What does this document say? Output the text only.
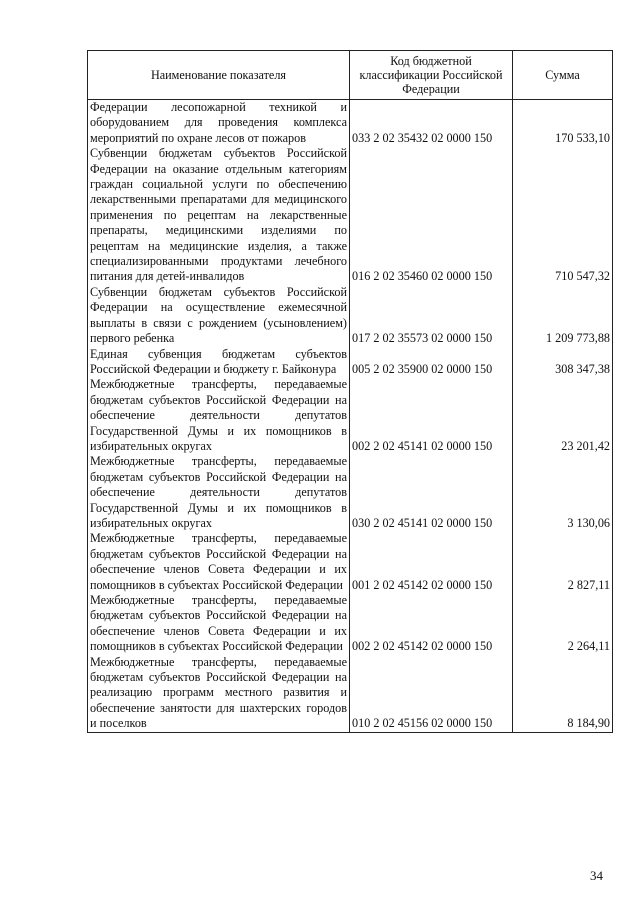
Наименование показателя	Код бюджетной классификации Российской Федерации	Сумма
Федерации лесопожарной техникой и оборудованием для проведения комплекса мероприятий по охране лесов от пожаров	033 2 02 35432 02 0000 150	170 533,10
Субвенции бюджетам субъектов Российской Федерации на оказание отдельным категориям граждан социальной услуги по обеспечению лекарственными препаратами для медицинского применения по рецептам на лекарственные препараты, медицинскими изделиями по рецептам на медицинские изделия, а также специализированными продуктами лечебного питания для детей-инвалидов	016 2 02 35460 02 0000 150	710 547,32
Субвенции бюджетам субъектов Российской Федерации на осуществление ежемесячной выплаты в связи с рождением (усыновлением) первого ребенка	017 2 02 35573 02 0000 150	1 209 773,88
Единая субвенция бюджетам субъектов Российской Федерации и бюджету г. Байконура	005 2 02 35900 02 0000 150	308 347,38
Межбюджетные трансферты, передаваемые бюджетам субъектов Российской Федерации на обеспечение деятельности депутатов Государственной Думы и их помощников в избирательных округах	002 2 02 45141 02 0000 150	23 201,42
Межбюджетные трансферты, передаваемые бюджетам субъектов Российской Федерации на обеспечение деятельности депутатов Государственной Думы и их помощников в избирательных округах	030 2 02 45141 02 0000 150	3 130,06
Межбюджетные трансферты, передаваемые бюджетам субъектов Российской Федерации на обеспечение членов Совета Федерации и их помощников в субъектах Российской Федерации	001 2 02 45142 02 0000 150	2 827,11
Межбюджетные трансферты, передаваемые бюджетам субъектов Российской Федерации на обеспечение членов Совета Федерации и их помощников в субъектах Российской Федерации	002 2 02 45142 02 0000 150	2 264,11
Межбюджетные трансферты, передаваемые бюджетам субъектов Российской Федерации на реализацию программ местного развития и обеспечение занятости для шахтерских городов и поселков	010 2 02 45156 02 0000 150	8 184,90
34
